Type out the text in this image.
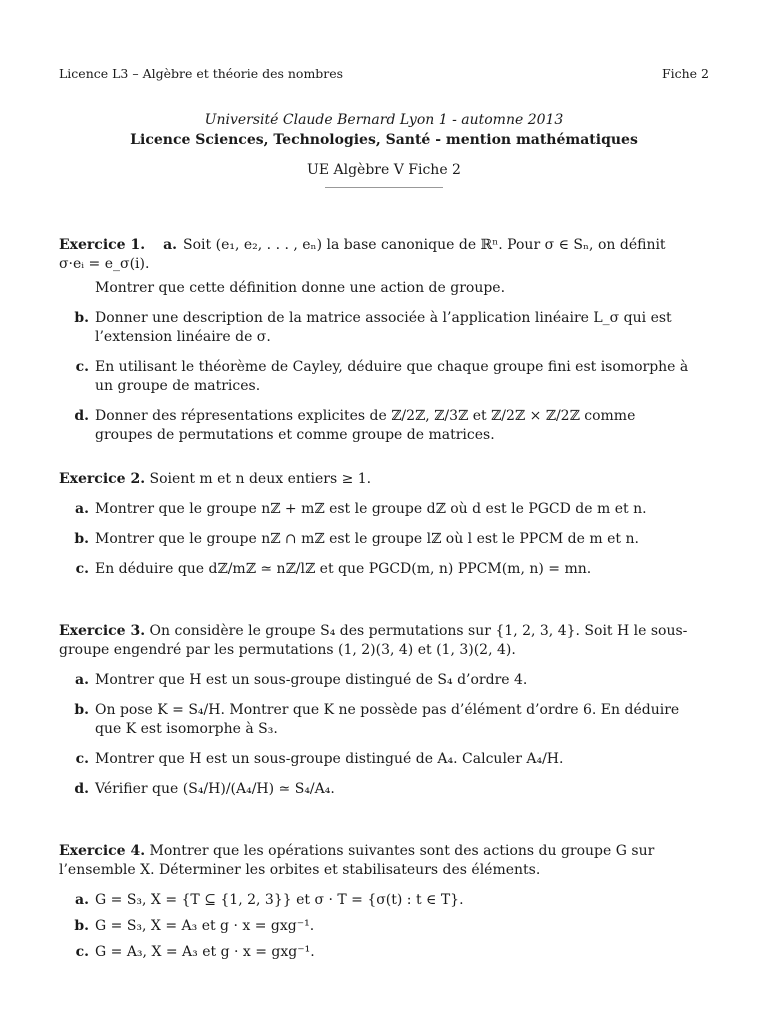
Licence L3 – Algèbre et théorie des nombres	Fiche 2
Université Claude Bernard Lyon 1 - automne 2013
Licence Sciences, Technologies, Santé - mention mathématiques
UE Algèbre V Fiche 2
Exercice 1. a. Soit (e₁, e₂, . . . , eₙ) la base canonique de ℝⁿ. Pour σ ∈ Sₙ, on définit σ·eᵢ = e_σ(i).
Montrer que cette définition donne une action de groupe.
b. Donner une description de la matrice associée à l’application linéaire L_σ qui est l’extension linéaire de σ.
c. En utilisant le théorème de Cayley, déduire que chaque groupe fini est isomorphe à un groupe de matrices.
d. Donner des répresentations explicites de ℤ/2ℤ, ℤ/3ℤ et ℤ/2ℤ × ℤ/2ℤ comme groupes de permutations et comme groupe de matrices.
Exercice 2. Soient m et n deux entiers ≥ 1.
a. Montrer que le groupe nℤ + mℤ est le groupe dℤ où d est le PGCD de m et n.
b. Montrer que le groupe nℤ ∩ mℤ est le groupe lℤ où l est le PPCM de m et n.
c. En déduire que dℤ/mℤ ≃ nℤ/lℤ et que PGCD(m, n) PPCM(m, n) = mn.
Exercice 3. On considère le groupe S₄ des permutations sur {1, 2, 3, 4}. Soit H le sous-groupe engendré par les permutations (1, 2)(3, 4) et (1, 3)(2, 4).
a. Montrer que H est un sous-groupe distingué de S₄ d’ordre 4.
b. On pose K = S₄/H. Montrer que K ne possède pas d’élément d’ordre 6. En déduire que K est isomorphe à S₃.
c. Montrer que H est un sous-groupe distingué de A₄. Calculer A₄/H.
d. Vérifier que (S₄/H)/(A₄/H) ≃ S₄/A₄.
Exercice 4. Montrer que les opérations suivantes sont des actions du groupe G sur l’ensemble X. Déterminer les orbites et stabilisateurs des éléments.
a. G = S₃, X = {T ⊆ {1, 2, 3}} et σ · T = {σ(t) : t ∈ T}.
b. G = S₃, X = A₃ et g · x = gxg⁻¹.
c. G = A₃, X = A₃ et g · x = gxg⁻¹.
